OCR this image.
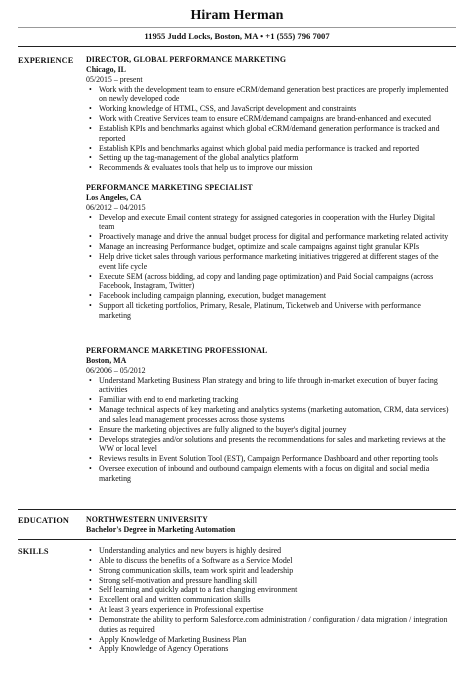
Hiram Herman
11955 Judd Locks, Boston, MA • +1 (555) 796 7007
EXPERIENCE DIRECTOR, GLOBAL PERFORMANCE MARKETING
Chicago, IL
05/2015 – present
• Work with the development team to ensure eCRM/demand generation best practices are properly implemented on newly developed code
• Working knowledge of HTML, CSS, and JavaScript development and constraints
• Work with Creative Services team to ensure eCRM/demand campaigns are brand-enhanced and executed
• Establish KPIs and benchmarks against which global eCRM/demand generation performance is tracked and reported
• Establish KPIs and benchmarks against which global paid media performance is tracked and reported
• Setting up the tag-management of the global analytics platform
• Recommends & evaluates tools that help us to improve our mission
PERFORMANCE MARKETING SPECIALIST
Los Angeles, CA
06/2012 – 04/2015
• Develop and execute Email content strategy for assigned categories in cooperation with the Hurley Digital team
• Proactively manage and drive the annual budget process for digital and performance marketing related activity
• Manage an increasing Performance budget, optimize and scale campaigns against tight granular KPIs
• Help drive ticket sales through various performance marketing initiatives triggered at different stages of the event life cycle
• Execute SEM (across bidding, ad copy and landing page optimization) and Paid Social campaigns (across Facebook, Instagram, Twitter)
• Facebook including campaign planning, execution, budget management
• Support all ticketing portfolios, Primary, Resale, Platinum, Ticketweb and Universe with performance marketing
PERFORMANCE MARKETING PROFESSIONAL
Boston, MA
06/2006 – 05/2012
• Understand Marketing Business Plan strategy and bring to life through in-market execution of buyer facing activities
• Familiar with end to end marketing tracking
• Manage technical aspects of key marketing and analytics systems (marketing automation, CRM, data services) and sales lead management processes across those systems
• Ensure the marketing objectives are fully aligned to the buyer's digital journey
• Develops strategies and/or solutions and presents the recommendations for sales and marketing reviews at the WW or local level
• Reviews results in Event Solution Tool (EST), Campaign Performance Dashboard and other reporting tools
• Oversee execution of inbound and outbound campaign elements with a focus on digital and social media marketing
EDUCATION NORTHWESTERN UNIVERSITY
Bachelor's Degree in Marketing Automation
SKILLS
•	Understanding analytics and new buyers is highly desired
• Able to discuss the benefits of a Software as a Service Model
• Strong communication skills, team work spirit and leadership
• Strong self-motivation and pressure handling skill
• Self learning and quickly adapt to a fast changing environment
• Excellent oral and written communication skills
• At least 3 years experience in Professional expertise
• Demonstrate the ability to perform Salesforce.com administration / configuration / data migration / integration duties as required
• Apply Knowledge of Marketing Business Plan
• Apply Knowledge of Agency Operations
